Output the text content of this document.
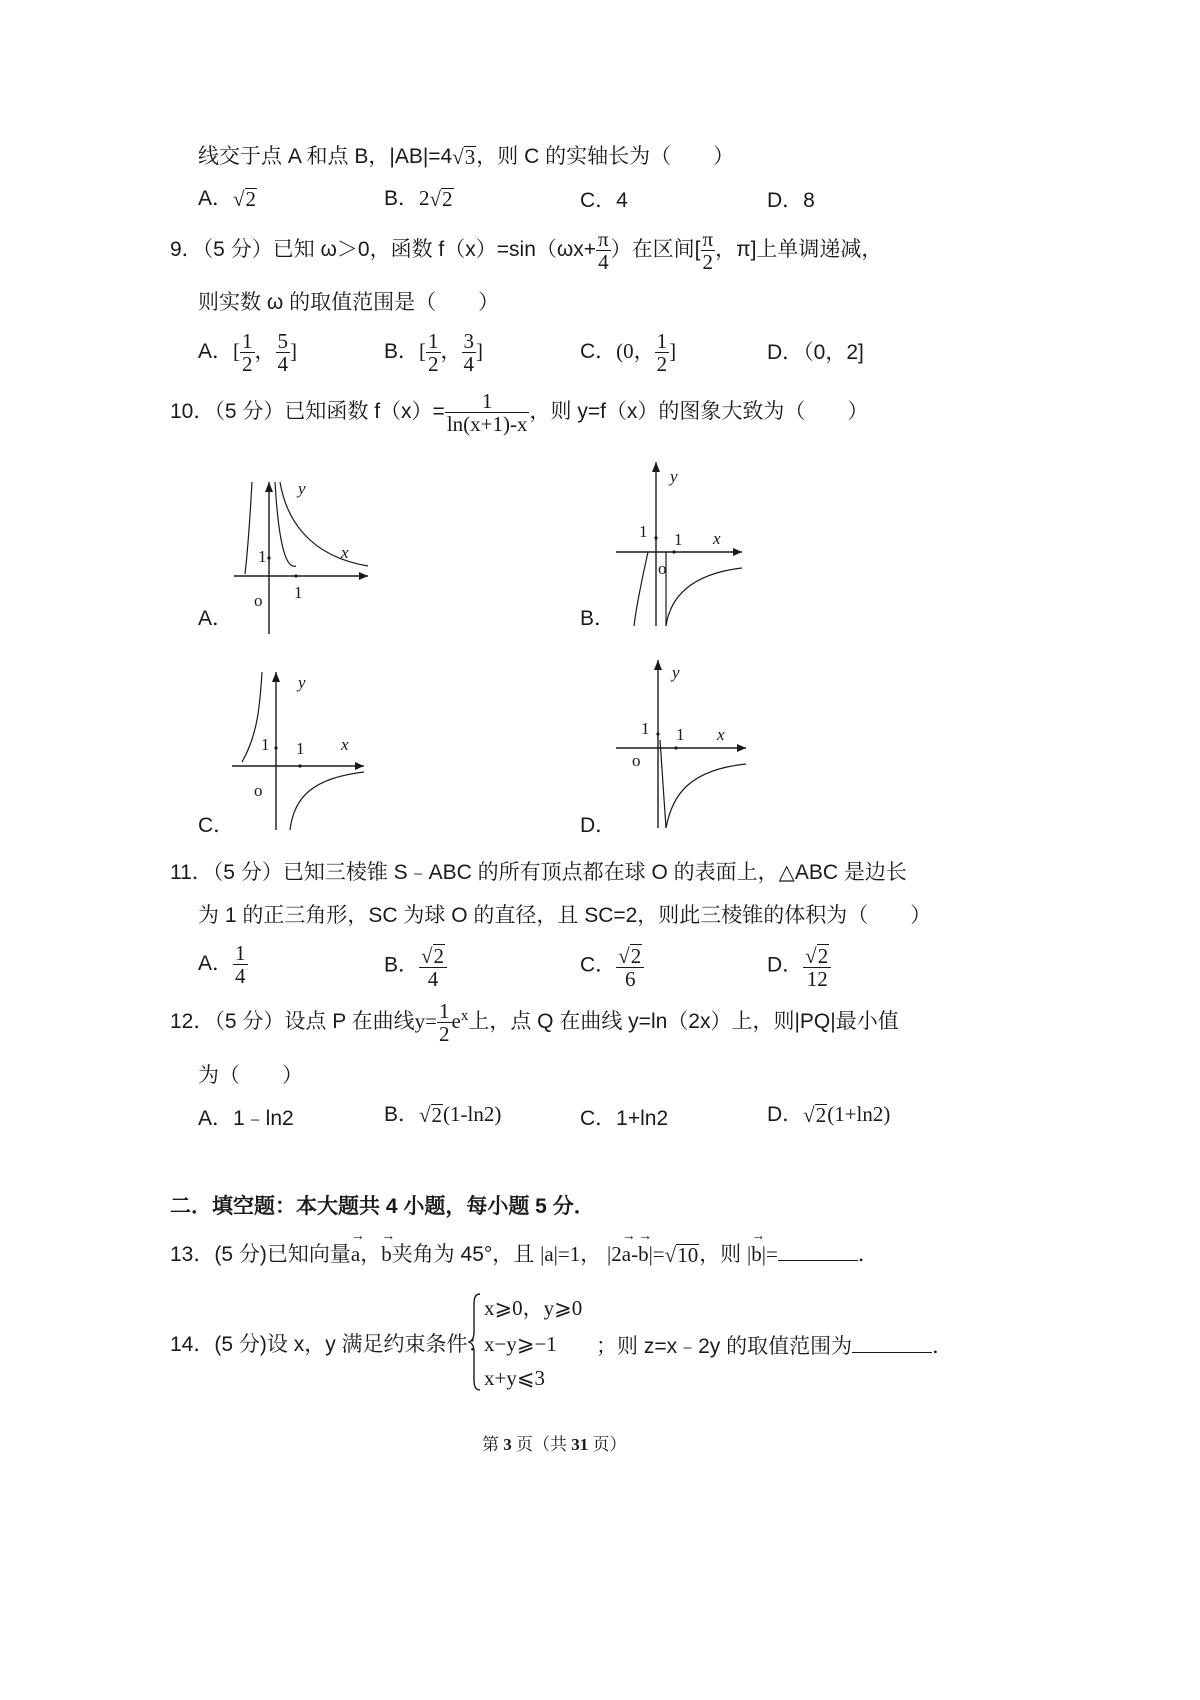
线交于点 A 和点 B，|AB|=4√3，则 C 的实轴长为（　　）
A．√2	B．2√2	C．4	D．8
9．（5 分）已知 ω＞0，函数 $f(x)=\sin(\omega x+ \frac{\pi}{4}$ ）在区间[ $\frac{\pi}{2}$ ，π]上单调递减，
则实数 ω 的取值范围是（　　）
A．[ $\frac{1}{2}$ ， $\frac{5}{4}$ ]	B．[ $\frac{1}{2}$ ， $\frac{3}{4}$ ]	C．(0， $\frac{1}{2}$ ]	D．（0，2]
10．（5 分）已知函数 $f(x)= \frac{1}{\ln(x+1)-x}$ ，则 y=f（x）的图象大致为（　　）
y
x
1
1
o
A．
y
x
1 1
o
B．
y
x
1 1
o
C．
y
x
1 1
o
D．
11．（5 分）已知三棱锥 S﹣ABC 的所有顶点都在球 O 的表面上，△ABC 是边长
为 1 的正三角形，SC 为球 O 的直径，且 SC=2，则此三棱锥的体积为（　　）
A． $\frac{1}{4}$	B． $\frac{√2}{4}$	C． $\frac{√2}{6}$	D． $\frac{√2}{12}$
12．（5 分）设点 P 在曲线$y= \frac{1}{2} e^x$上，点 Q 在曲线 y=ln（2x）上，则|PQ|最小值
为（　　）
A．1﹣ln2	B．√2(1-ln2)	C．1+ln2	D．√2(1+ln2)
二．填空题：本大题共 4 小题，每小题 5 分．
13．(5 分)已知向量
→
a，
→
b夹角为 45°，且 |a|=1， |2
→
a-
→
b|=√10，则 |
→
b|=	．
14．(5 分)设 x，y 满足约束条件：
x⩾0，y⩾0
x−y⩾−1
x+y⩽3
；则 z=x﹣2y 的取值范围为	．
第 3 页（共 31 页）
